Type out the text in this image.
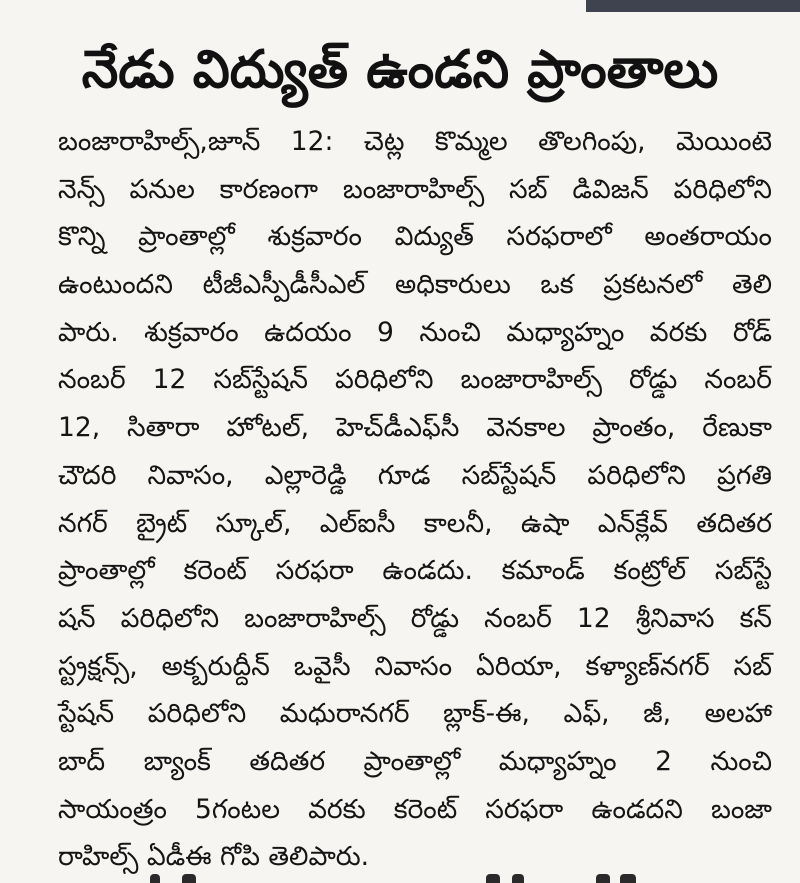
నేడు విద్యుత్ ఉండని ప్రాంతాలు
బంజారాహిల్స్,జూన్ 12: చెట్ల కొమ్మల తొలగింపు, మెయింటె
నెన్స్ పనుల కారణంగా బంజారాహిల్స్ సబ్ డివిజన్ పరిధిలోని
కొన్ని ప్రాంతాల్లో శుక్రవారం విద్యుత్ సరఫరాలో అంతరాయం
ఉంటుందని టీజీఎస్పీడీసీఎల్ అధికారులు ఒక ప్రకటనలో తెలి
పారు. శుక్రవారం ఉదయం 9 నుంచి మధ్యాహ్నం వరకు రోడ్
నంబర్ 12 సబ్‌స్టేషన్ పరిధిలోని బంజారాహిల్స్ రోడ్డు నంబర్
12, సితారా హోటల్, హెచ్‌డీఎఫ్‌సీ వెనకాల ప్రాంతం, రేణుకా
చౌదరి నివాసం, ఎల్లారెడ్డి గూడ సబ్‌స్టేషన్ పరిధిలోని ప్రగతి
నగర్ బ్రైట్ స్కూల్, ఎల్ఐసీ కాలనీ, ఉషా ఎన్‌క్లేవ్ తదితర
ప్రాంతాల్లో కరెంట్ సరఫరా ఉండదు. కమాండ్ కంట్రోల్ సబ్‌స్టే
షన్ పరిధిలోని బంజారాహిల్స్ రోడ్డు నంబర్ 12 శ్రీనివాస కన్
స్ట్రక్షన్స్, అక్బరుద్దీన్ ఒవైసీ నివాసం ఏరియా, కళ్యాణ్‌నగర్ సబ్
స్టేషన్ పరిధిలోని మధురానగర్ బ్లాక్-ఈ, ఎఫ్, జీ, అలహా
బాద్ బ్యాంక్ తదితర ప్రాంతాల్లో మధ్యాహ్నం 2 నుంచి
సాయంత్రం 5గంటల వరకు కరెంట్ సరఫరా ఉండదని బంజా
రాహిల్స్ ఏడీఈ గోపి తెలిపారు.
